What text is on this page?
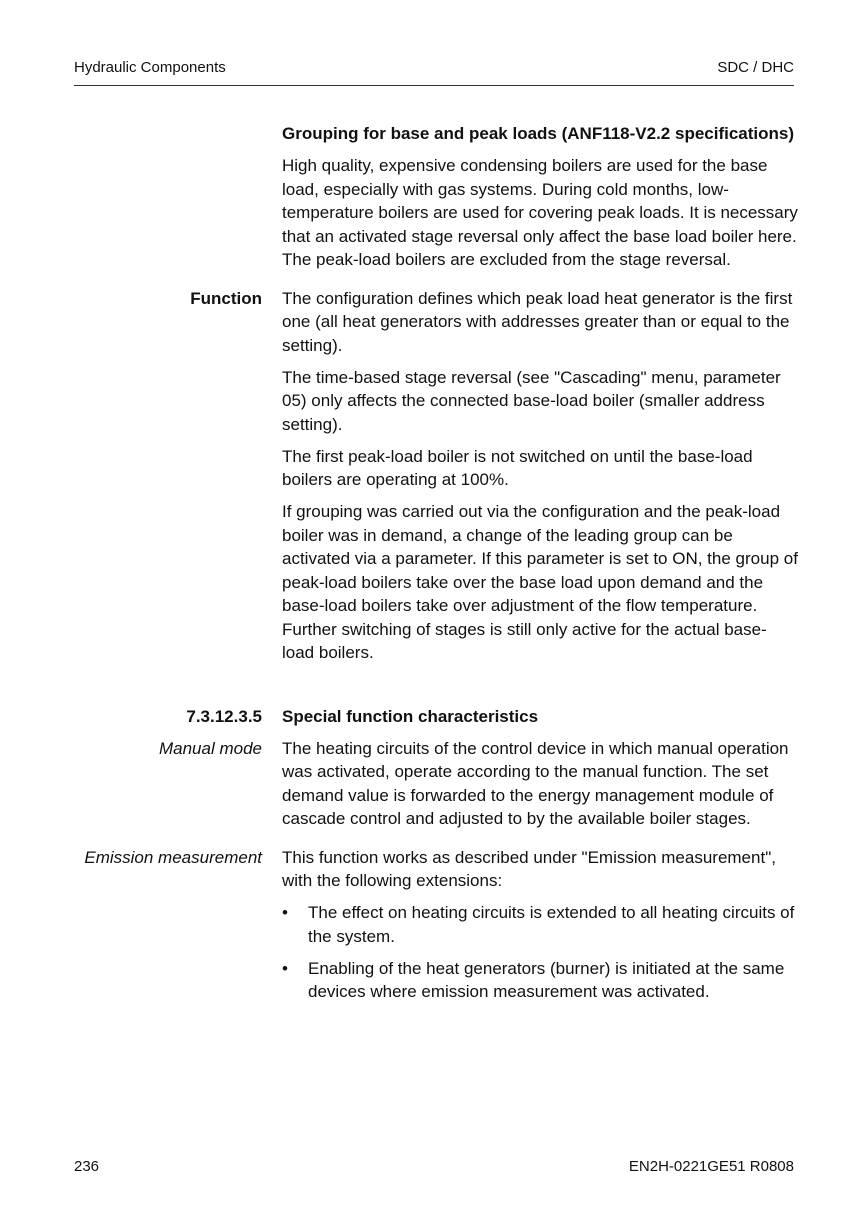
Hydraulic Components	SDC / DHC
Grouping for base and peak loads (ANF118-V2.2 specifications)

High quality, expensive condensing boilers are used for the base load, especially with gas systems. During cold months, low-temperature boilers are used for covering peak loads. It is necessary that an activated stage reversal only affect the base load boiler here. The peak-load boilers are excluded from the stage reversal.

Function The configuration defines which peak load heat generator is the first one (all heat generators with addresses greater than or equal to the setting).

The time-based stage reversal (see "Cascading" menu, parameter 05) only affects the connected base-load boiler (smaller address setting).

The first peak-load boiler is not switched on until the base-load boilers are operating at 100%.

If grouping was carried out via the configuration and the peak-load boiler was in demand, a change of the leading group can be activated via a parameter. If this parameter is set to ON, the group of peak-load boilers take over the base load upon demand and the base-load boilers take over adjustment of the flow temperature. Further switching of stages is still only active for the actual base-load boilers.

7.3.12.3.5 Special function characteristics
Manual mode The heating circuits of the control device in which manual operation was activated, operate according to the manual function. The set demand value is forwarded to the energy management module of cascade control and adjusted to by the available boiler stages.

Emission measurement This function works as described under "Emission measurement", with the following extensions:

• The effect on heating circuits is extended to all heating circuits of the system.
• Enabling of the heat generators (burner) is initiated at the same devices where emission measurement was activated.
236	EN2H-0221GE51 R0808
